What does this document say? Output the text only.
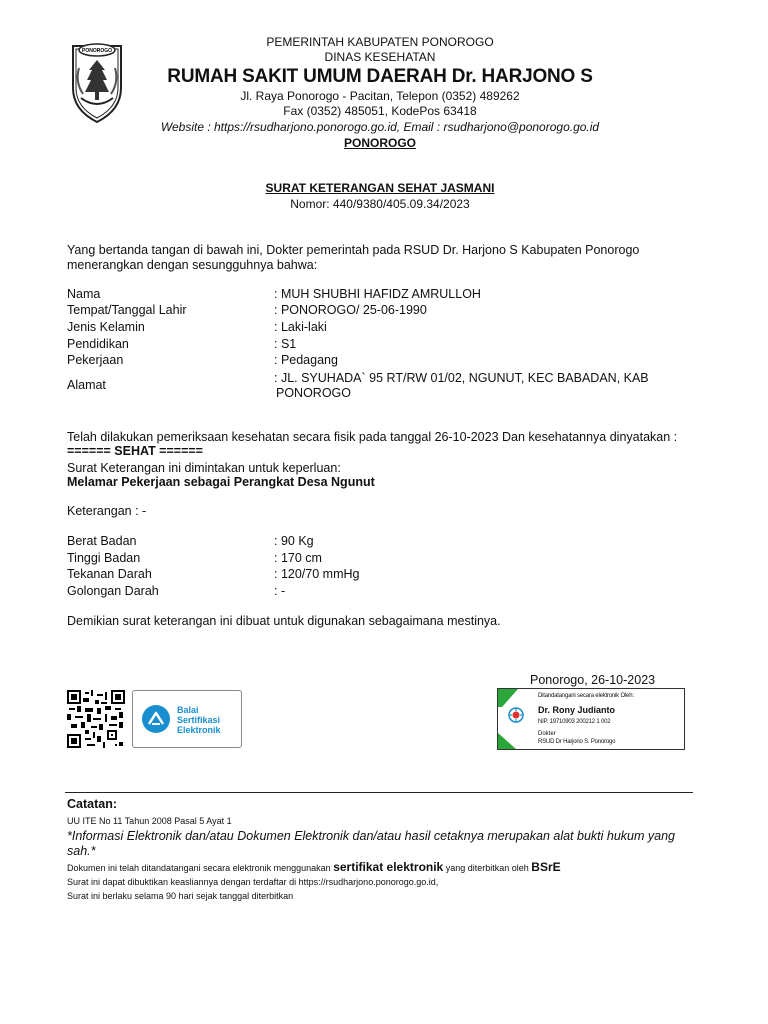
PONOROGO
PEMERINTAH KABUPATEN PONOROGO
DINAS KESEHATAN
RUMAH SAKIT UMUM DAERAH Dr. HARJONO S
Jl. Raya Ponorogo - Pacitan, Telepon (0352) 489262
Fax (0352) 485051, KodePos 63418
Website : https://rsudharjono.ponorogo.go.id, Email : rsudharjono@ponorogo.go.id
PONOROGO
SURAT KETERANGAN SEHAT JASMANI
Nomor: 440/9380/405.09.34/2023
Yang bertanda tangan di bawah ini, Dokter pemerintah pada RSUD Dr. Harjono S Kabupaten Ponorogo
menerangkan dengan sesungguhnya bahwa:
Nama	: MUH SHUBHI HAFIDZ AMRULLOH
Tempat/Tanggal Lahir	: PONOROGO/ 25-06-1990
Jenis Kelamin	: Laki-laki
Pendidikan	: S1
Pekerjaan	: Pedagang
Alamat	: JL. SYUHADA` 95 RT/RW 01/02, NGUNUT, KEC BABADAN, KAB
PONOROGO
Telah dilakukan pemeriksaan kesehatan secara fisik pada tanggal 26-10-2023 Dan kesehatannya dinyatakan :
====== SEHAT ======
Surat Keterangan ini dimintakan untuk keperluan:
Melamar Pekerjaan sebagai Perangkat Desa Ngunut
Keterangan : -
Berat Badan	: 90 Kg
Tinggi Badan	: 170 cm
Tekanan Darah	: 120/70 mmHg
Golongan Darah	: -
Demikian surat keterangan ini dibuat untuk digunakan sebagaimana mestinya.
Ponorogo, 26-10-2023
Balai
Sertifikasi
Elektronik
Ditandatangani secara elektronik Oleh:
Dr. Rony Judianto
NIP. 19710903 200212 1 002
Dokter
RSUD Dr Harjono S. Ponorogo
Catatan:
UU ITE No 11 Tahun 2008 Pasal 5 Ayat 1
*Informasi Elektronik dan/atau Dokumen Elektronik dan/atau hasil cetaknya merupakan alat bukti hukum yang
sah.*
Dokumen ini telah ditandatangani secara elektronik menggunakan sertifikat elektronik yang diterbitkan oleh BSrE
Surat ini dapat dibuktikan keasliannya dengan terdaftar di https://rsudharjono.ponorogo.go.id,
Surat ini berlaku selama 90 hari sejak tanggal diterbitkan
